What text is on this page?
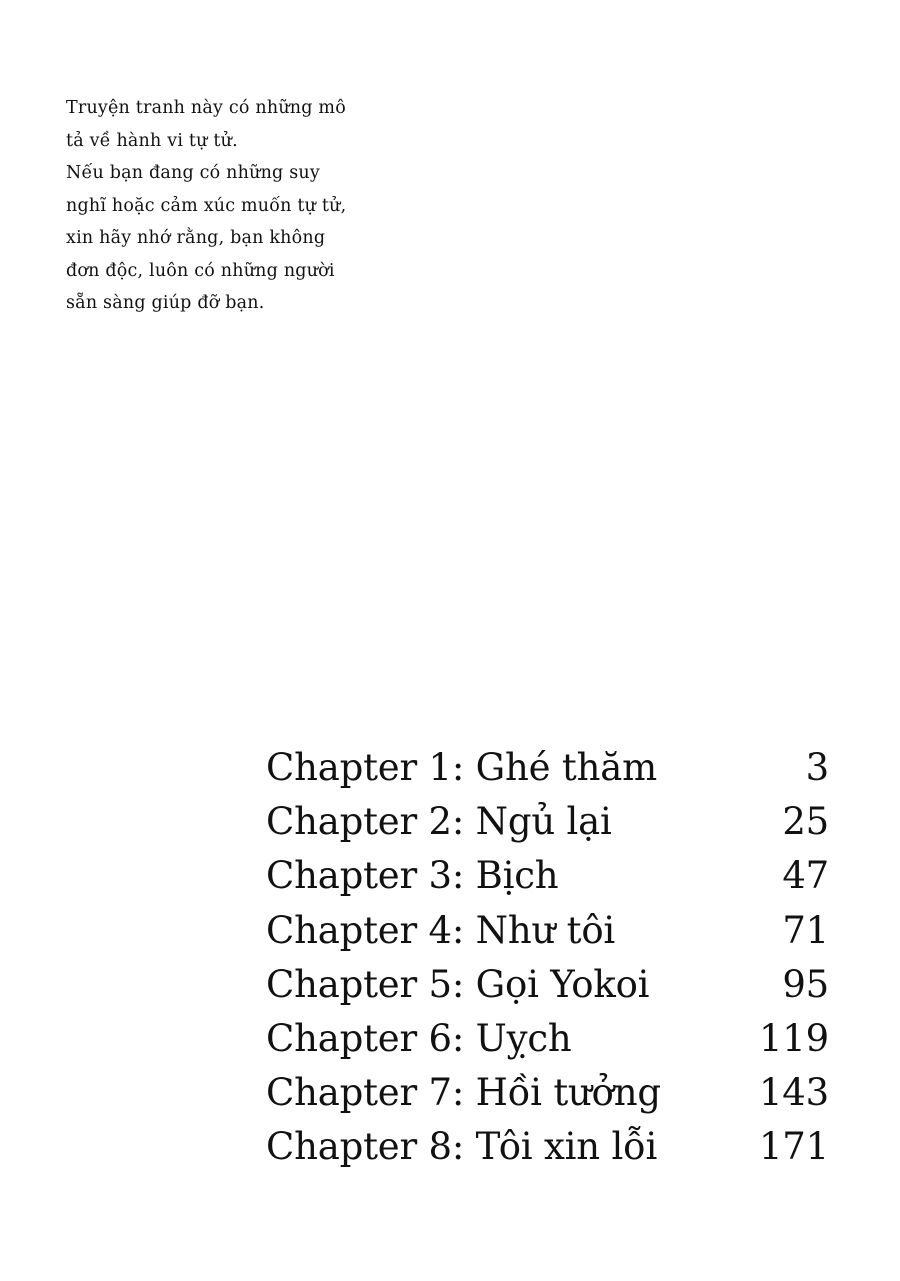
Truyện tranh này có những mô
tả về hành vi tự tử.
Nếu bạn đang có những suy
nghĩ hoặc cảm xúc muốn tự tử,
xin hãy nhớ rằng, bạn không
đơn độc, luôn có những người
sẵn sàng giúp đỡ bạn.
Chapter 1: Ghé thăm	3
Chapter 2: Ngủ lại	25
Chapter 3: Bịch	47
Chapter 4: Như tôi	71
Chapter 5: Gọi Yokoi	95
Chapter 6: Uỵch	119
Chapter 7: Hồi tưởng	143
Chapter 8: Tôi xin lỗi	171
